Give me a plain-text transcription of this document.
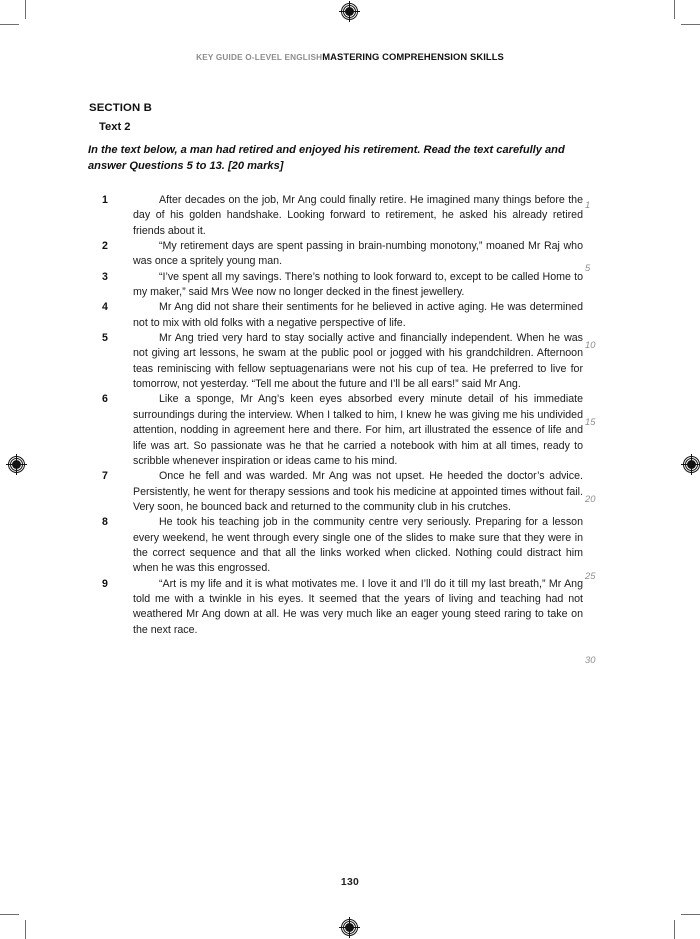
KEY GUIDE O-LEVEL ENGLISHMASTERING COMPREHENSION SKILLS
SECTION B
Text 2
In the text below, a man had retired and enjoyed his retirement. Read the text carefully and answer Questions 5 to 13. [20 marks]
1	After decades on the job, Mr Ang could finally retire. He imagined many things before the day of his golden handshake. Looking forward to retirement, he asked his already retired friends about it.
2	“My retirement days are spent passing in brain-numbing monotony,” moaned Mr Raj who was once a spritely young man.
3	“I’ve spent all my savings. There’s nothing to look forward to, except to be called Home to my maker,” said Mrs Wee now no longer decked in the finest jewellery.
4	Mr Ang did not share their sentiments for he believed in active aging. He was determined not to mix with old folks with a negative perspective of life.
5	Mr Ang tried very hard to stay socially active and financially independent. When he was not giving art lessons, he swam at the public pool or jogged with his grandchildren. Afternoon teas reminiscing with fellow septuagenarians were not his cup of tea. He preferred to live for tomorrow, not yesterday. “Tell me about the future and I’ll be all ears!” said Mr Ang.
6	Like a sponge, Mr Ang’s keen eyes absorbed every minute detail of his immediate surroundings during the interview. When I talked to him, I knew he was giving me his undivided attention, nodding in agreement here and there. For him, art illustrated the essence of life and life was art. So passionate was he that he carried a notebook with him at all times, ready to scribble whenever inspiration or ideas came to his mind.
7	Once he fell and was warded. Mr Ang was not upset. He heeded the doctor’s advice. Persistently, he went for therapy sessions and took his medicine at appointed times without fail. Very soon, he bounced back and returned to the community club in his crutches.
8	He took his teaching job in the community centre very seriously. Preparing for a lesson every weekend, he went through every single one of the slides to make sure that they were in the correct sequence and that all the links worked when clicked. Nothing could distract him when he was this engrossed.
9	“Art is my life and it is what motivates me. I love it and I’ll do it till my last breath,” Mr Ang told me with a twinkle in his eyes. It seemed that the years of living and teaching had not weathered Mr Ang down at all. He was very much like an eager young steed raring to take on the next race.
1
5
10
15
20
25
30
130
